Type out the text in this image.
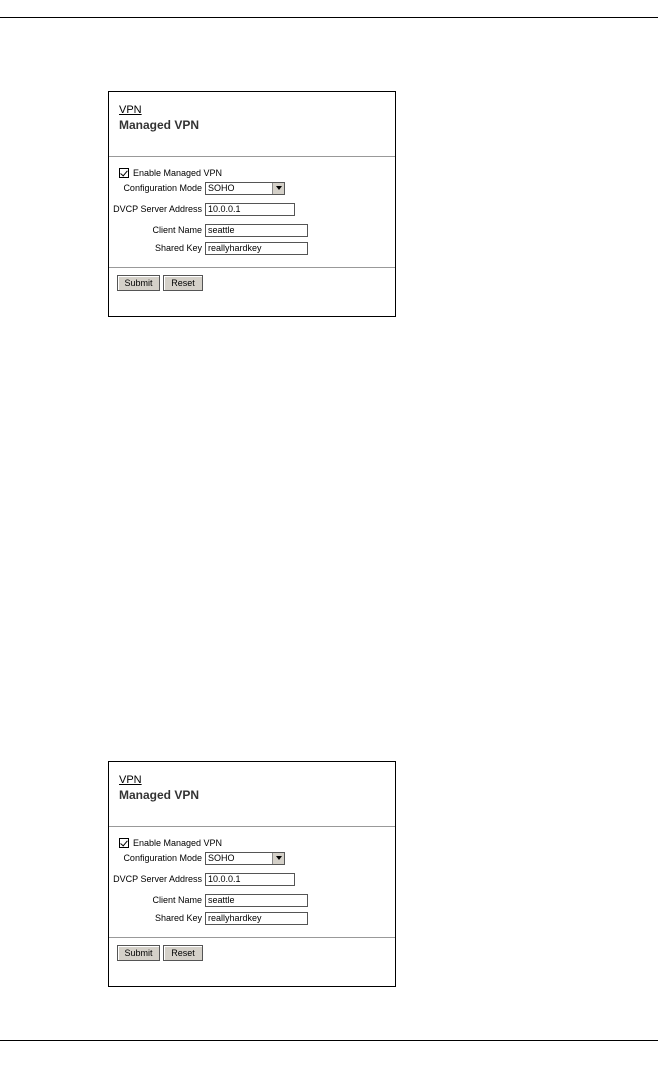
VPN
Managed VPN
Enable Managed VPN
Configuration Mode SOHO
DVCP Server Address 10.0.0.1
Client Name seattle
Shared Key reallyhardkey
Submit	Reset
VPN
Managed VPN
Enable Managed VPN
Configuration Mode SOHO
DVCP Server Address 10.0.0.1
Client Name seattle
Shared Key reallyhardkey
Submit	Reset
